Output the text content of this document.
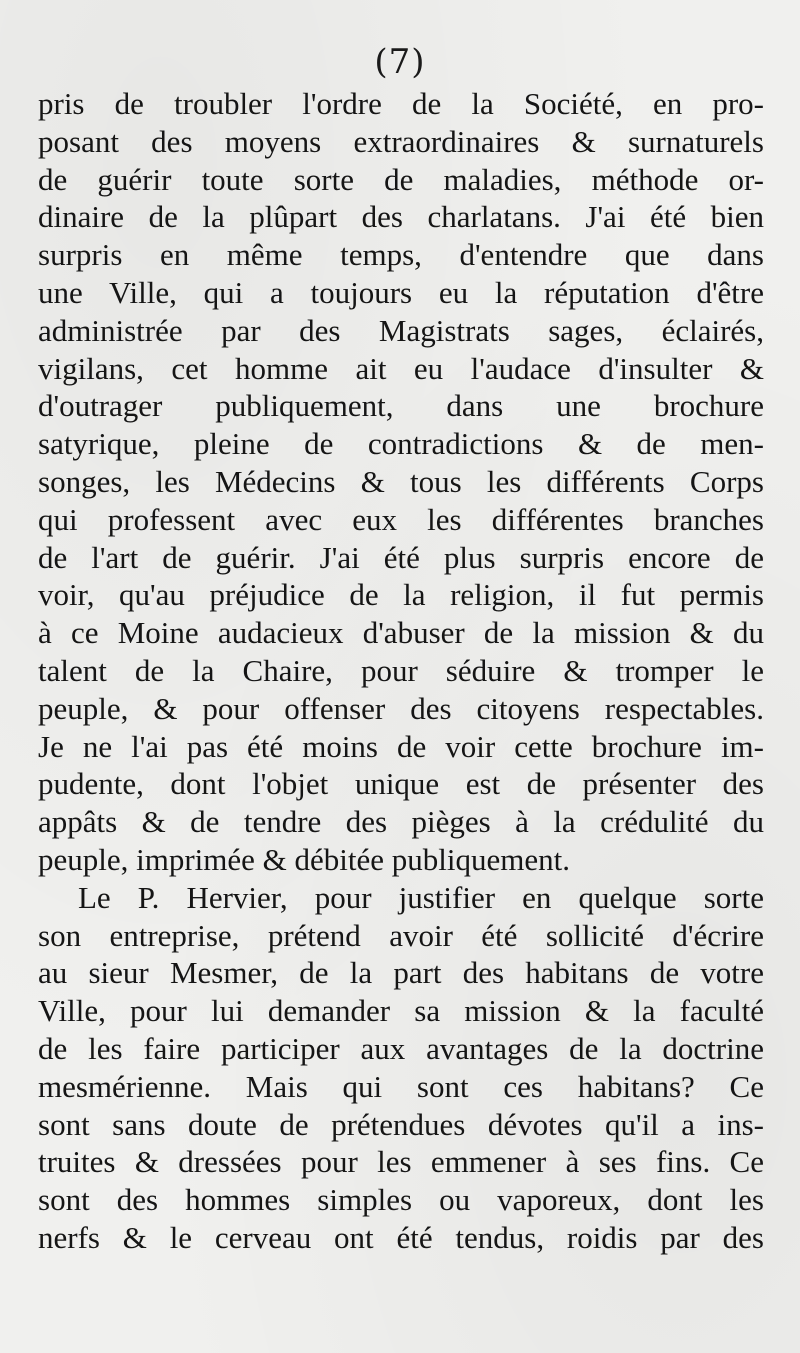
(7)
pris de troubler l'ordre de la Société, en pro-
posant des moyens extraordinaires & surnaturels
de guérir toute sorte de maladies, méthode or-
dinaire de la plûpart des charlatans. J'ai été bien
surpris en même temps, d'entendre que dans
une Ville, qui a toujours eu la réputation d'être
administrée par des Magistrats sages, éclairés,
vigilans, cet homme ait eu l'audace d'insulter &
d'outrager publiquement, dans une brochure
satyrique, pleine de contradictions & de men-
songes, les Médecins & tous les différents Corps
qui professent avec eux les différentes branches
de l'art de guérir. J'ai été plus surpris encore de
voir, qu'au préjudice de la religion, il fut permis
à ce Moine audacieux d'abuser de la mission & du
talent de la Chaire, pour séduire & tromper le
peuple, & pour offenser des citoyens respectables.
Je ne l'ai pas été moins de voir cette brochure im-
pudente, dont l'objet unique est de présenter des
appâts & de tendre des pièges à la crédulité du
peuple, imprimée & débitée publiquement.
Le P. Hervier, pour justifier en quelque sorte
son entreprise, prétend avoir été sollicité d'écrire
au sieur Mesmer, de la part des habitans de votre
Ville, pour lui demander sa mission & la faculté
de les faire participer aux avantages de la doctrine
mesmérienne. Mais qui sont ces habitans? Ce
sont sans doute de prétendues dévotes qu'il a ins-
truites & dressées pour les emmener à ses fins. Ce
sont des hommes simples ou vaporeux, dont les
nerfs & le cerveau ont été tendus, roidis par des
